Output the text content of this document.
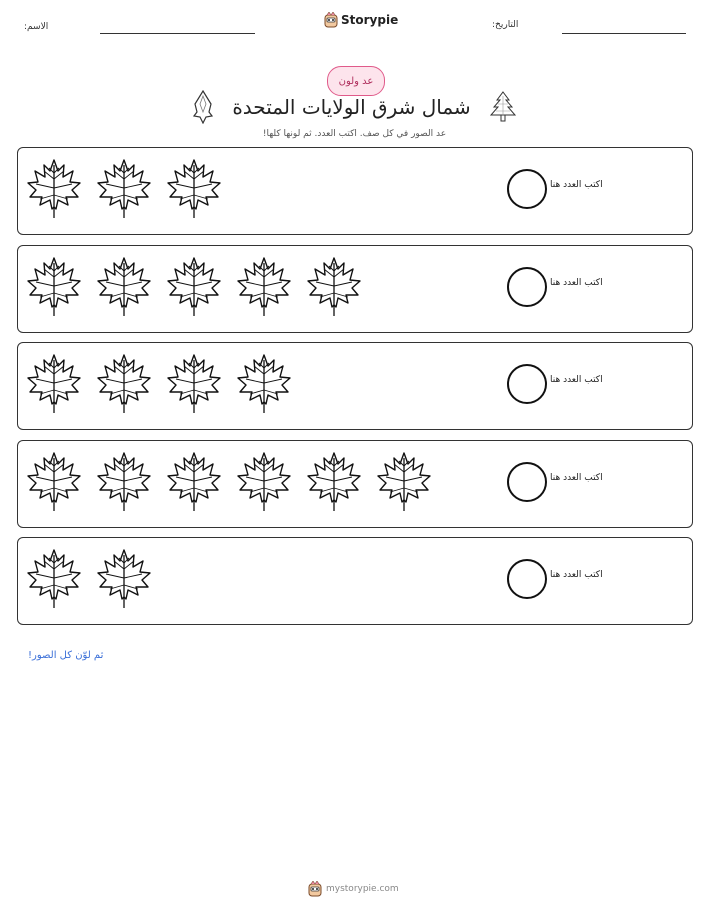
الاسم:	Storypie	التاريخ:
عد ولون
شمال شرق الولايات المتحدة
عد الصور في كل صف. اكتب العدد. ثم لونها كلها!
اكتب العدد هنا
اكتب العدد هنا
اكتب العدد هنا
اكتب العدد هنا
اكتب العدد هنا
ثم لوّن كل الصور!
mystorypie.com
